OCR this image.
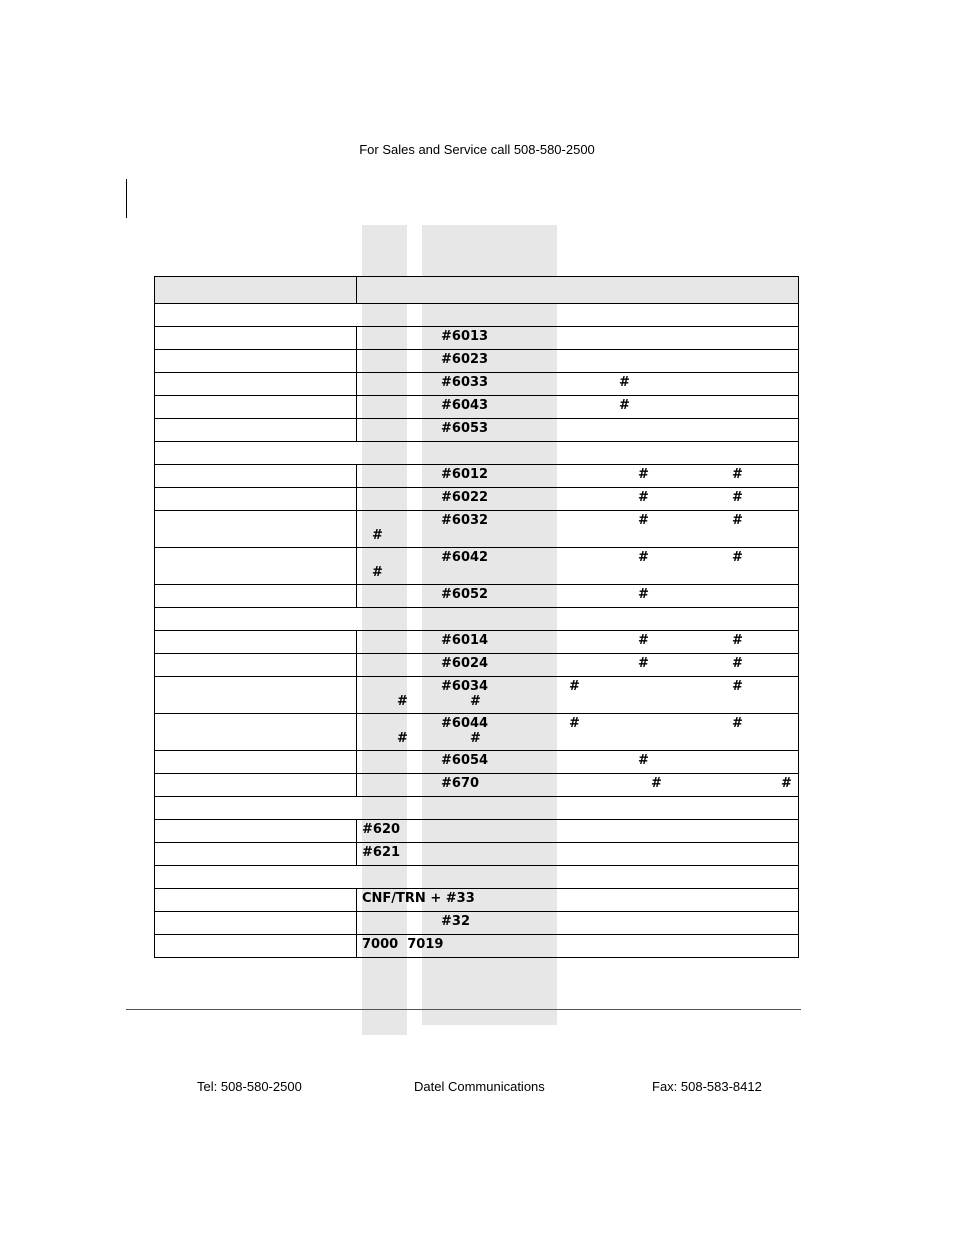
For Sales and Service call 508-580-2500

	#6013

	#6023

	#6033 #

	#6043 #

	#6053

	#6012 # #

	#6022 # #

	#6032 # #
#

	#6042 # #
#

	#6052 #

	#6014 # #

	#6024 # #

	#6034 # #
# #

	#6044 # #
# #

	#6054 #

	#670 # #

	#620

	#621

	CNF/TRN + #33

	#32

	7000  7019
Tel: 508-580-2500	Datel Communications	Fax: 508-583-8412
